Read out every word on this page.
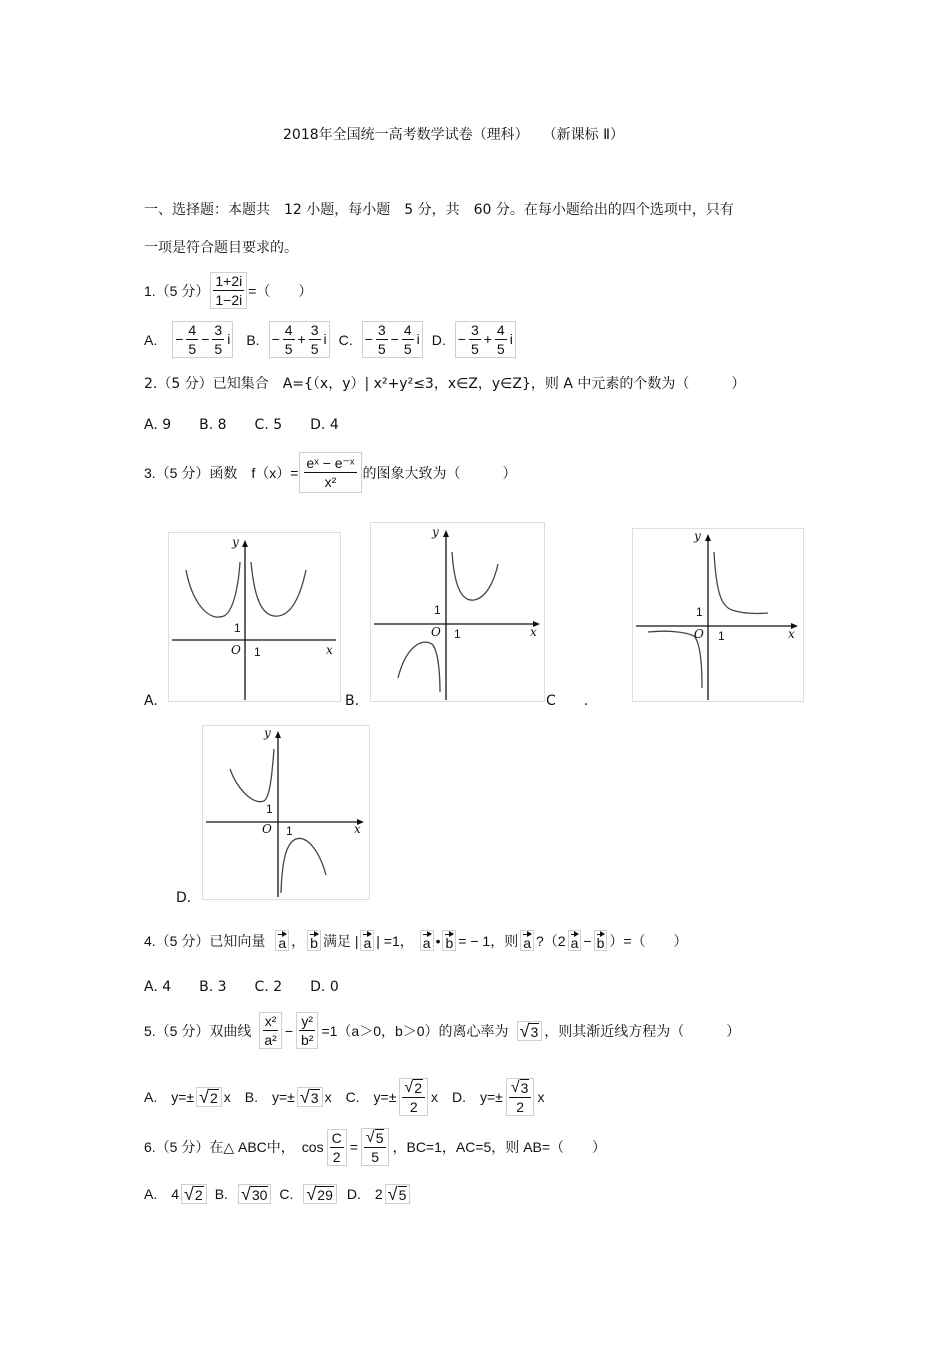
2018年全国统一高考数学试卷（理科）　　（新课标 Ⅱ）
一、选择题：本题共　12 小题，每小题　5 分，共　60 分。在每小题给出的四个选项中，只有
一项是符合题目要求的。
1.（5 分） $\frac{1+2i}{1-2i}$ =（　　）
A. − $\frac{4}{5} - \frac{3}{5}$ i B. − $\frac{4}{5} + \frac{3}{5}$ i C. − $\frac{3}{5} - \frac{4}{5}$ i D. − $\frac{3}{5} + \frac{4}{5}$ i
2.（5 分）已知集合　A={（x，y）| x²+y²≤3，x∈Z，y∈Z}，则 A 中元素的个数为（　　　）
A. 9　　B. 8　　C. 5　　D. 4
3.（5 分）函数　$f(x)= \frac{\text{eˣ − e⁻ˣ}}{\text{x²}}$ 的图象大致为（　　　）
y
x
O 1
1
A.
y
x
O 1
1
B.
y
x
O 1
1
C　　.
y
x
O 1
1
D.
4.（5 分）已知向量 a ， b 满足 | a | =1， a • b = − 1，则 a ?（2 a − b ）=（　　）
A. 4　　B. 3　　C. 2　　D. 0
5.（5 分）双曲线 $\frac{\text{x²}}{\text{a²}} - \frac{\text{y²}}{\text{b²}} =1(a>0$，b＞0）的离心率为 √ 3 ，则其渐近线方程为（　　　）
A.　y=± √ 2 x B.　y=± √ 3 x C.　$y=\pm \frac{√ 2}{2}$ x D.　$y=\pm \frac{√ 3}{2}$ x
6.（5 分）在△ ABC中，　$\cos \frac{C}{2} = \frac{√ 5}{5}$ ，BC=1，AC=5，则 AB=（　　）
A.　4 √ 2 B. √ 30 C. √ 29 D.　2 √ 5
